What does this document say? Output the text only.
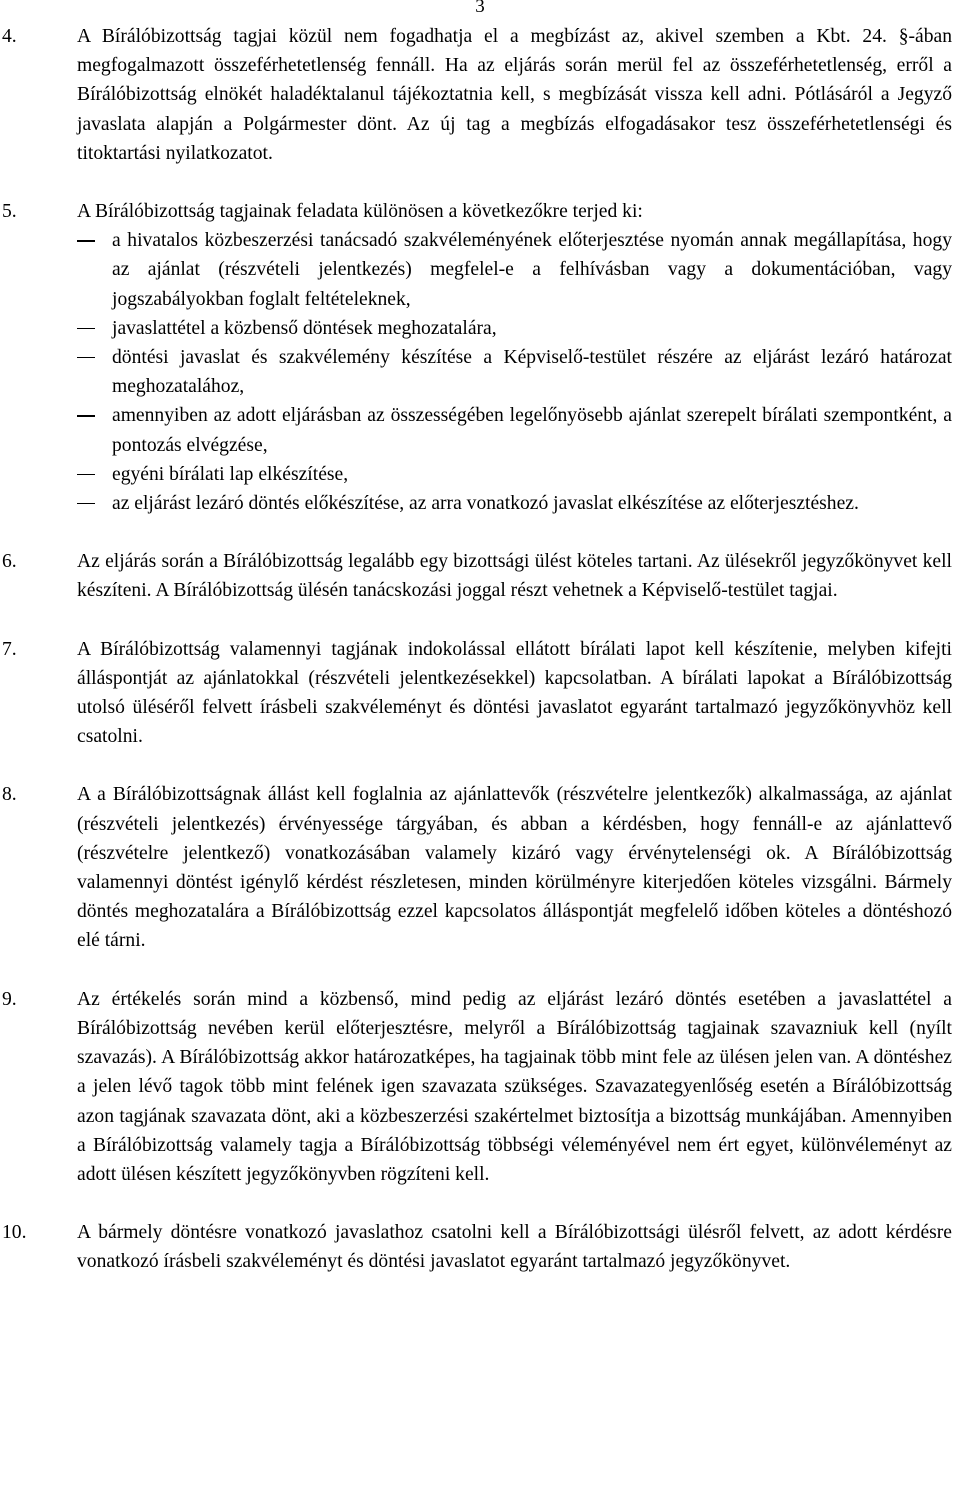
3
4.	A Bírálóbizottság tagjai közül nem fogadhatja el a megbízást az, akivel szemben a Kbt. 24. §-ában megfogalmazott összeférhetetlenség fennáll. Ha az eljárás során merül fel az összeférhetetlenség, erről a Bírálóbizottság elnökét haladéktalanul tájékoztatnia kell, s megbízását vissza kell adni. Pótlásáról a Jegyző javaslata alapján a Polgármester dönt. Az új tag a megbízás elfogadásakor tesz összeférhetetlenségi és titoktartási nyilatkozatot.
5.	A Bírálóbizottság tagjainak feladata különösen a következőkre terjed ki:
a hivatalos közbeszerzési tanácsadó szakvéleményének előterjesztése nyomán annak megállapítása, hogy az ajánlat (részvételi jelentkezés) megfelel-e a felhívásban vagy a dokumentációban, vagy jogszabályokban foglalt feltételeknek,
javaslattétel a közbenső döntések meghozatalára,
döntési javaslat és szakvélemény készítése a Képviselő-testület részére az eljárást lezáró határozat meghozatalához,
amennyiben az adott eljárásban az összességében legelőnyösebb ajánlat szerepelt bírálati szempontként, a pontozás elvégzése,
egyéni bírálati lap elkészítése,
az eljárást lezáró döntés előkészítése, az arra vonatkozó javaslat elkészítése az előterjesztéshez.
6.	Az eljárás során a Bírálóbizottság legalább egy bizottsági ülést köteles tartani. Az ülésekről jegyzőkönyvet kell készíteni. A Bírálóbizottság ülésén tanácskozási joggal részt vehetnek a Képviselő-testület tagjai.
7.	A Bírálóbizottság valamennyi tagjának indokolással ellátott bírálati lapot kell készítenie, melyben kifejti álláspontját az ajánlatokkal (részvételi jelentkezésekkel) kapcsolatban. A bírálati lapokat a Bírálóbizottság utolsó üléséről felvett írásbeli szakvéleményt és döntési javaslatot egyaránt tartalmazó jegyzőkönyvhöz kell csatolni.
8.	A a Bírálóbizottságnak állást kell foglalnia az ajánlattevők (részvételre jelentkezők) alkalmassága, az ajánlat (részvételi jelentkezés) érvényessége tárgyában, és abban a kérdésben, hogy fennáll-e az ajánlattevő (részvételre jelentkező) vonatkozásában valamely kizáró vagy érvénytelenségi ok. A Bírálóbizottság valamennyi döntést igénylő kérdést részletesen, minden körülményre kiterjedően köteles vizsgálni. Bármely döntés meghozatalára a Bírálóbizottság ezzel kapcsolatos álláspontját megfelelő időben köteles a döntéshozó elé tárni.
9.	Az értékelés során mind a közbenső, mind pedig az eljárást lezáró döntés esetében a javaslattétel a Bírálóbizottság nevében kerül előterjesztésre, melyről a Bírálóbizottság tagjainak szavazniuk kell (nyílt szavazás). A Bírálóbizottság akkor határozatképes, ha tagjainak több mint fele az ülésen jelen van. A döntéshez a jelen lévő tagok több mint felének igen szavazata szükséges. Szavazategyenlőség esetén a Bírálóbizottság azon tagjának szavazata dönt, aki a közbeszerzési szakértelmet biztosítja a bizottság munkájában. Amennyiben a Bírálóbizottság valamely tagja a Bírálóbizottság többségi véleményével nem ért egyet, különvéleményt az adott ülésen készített jegyzőkönyvben rögzíteni kell.
10.	A bármely döntésre vonatkozó javaslathoz csatolni kell a Bírálóbizottsági ülésről felvett, az adott kérdésre vonatkozó írásbeli szakvéleményt és döntési javaslatot egyaránt tartalmazó jegyzőkönyvet.
